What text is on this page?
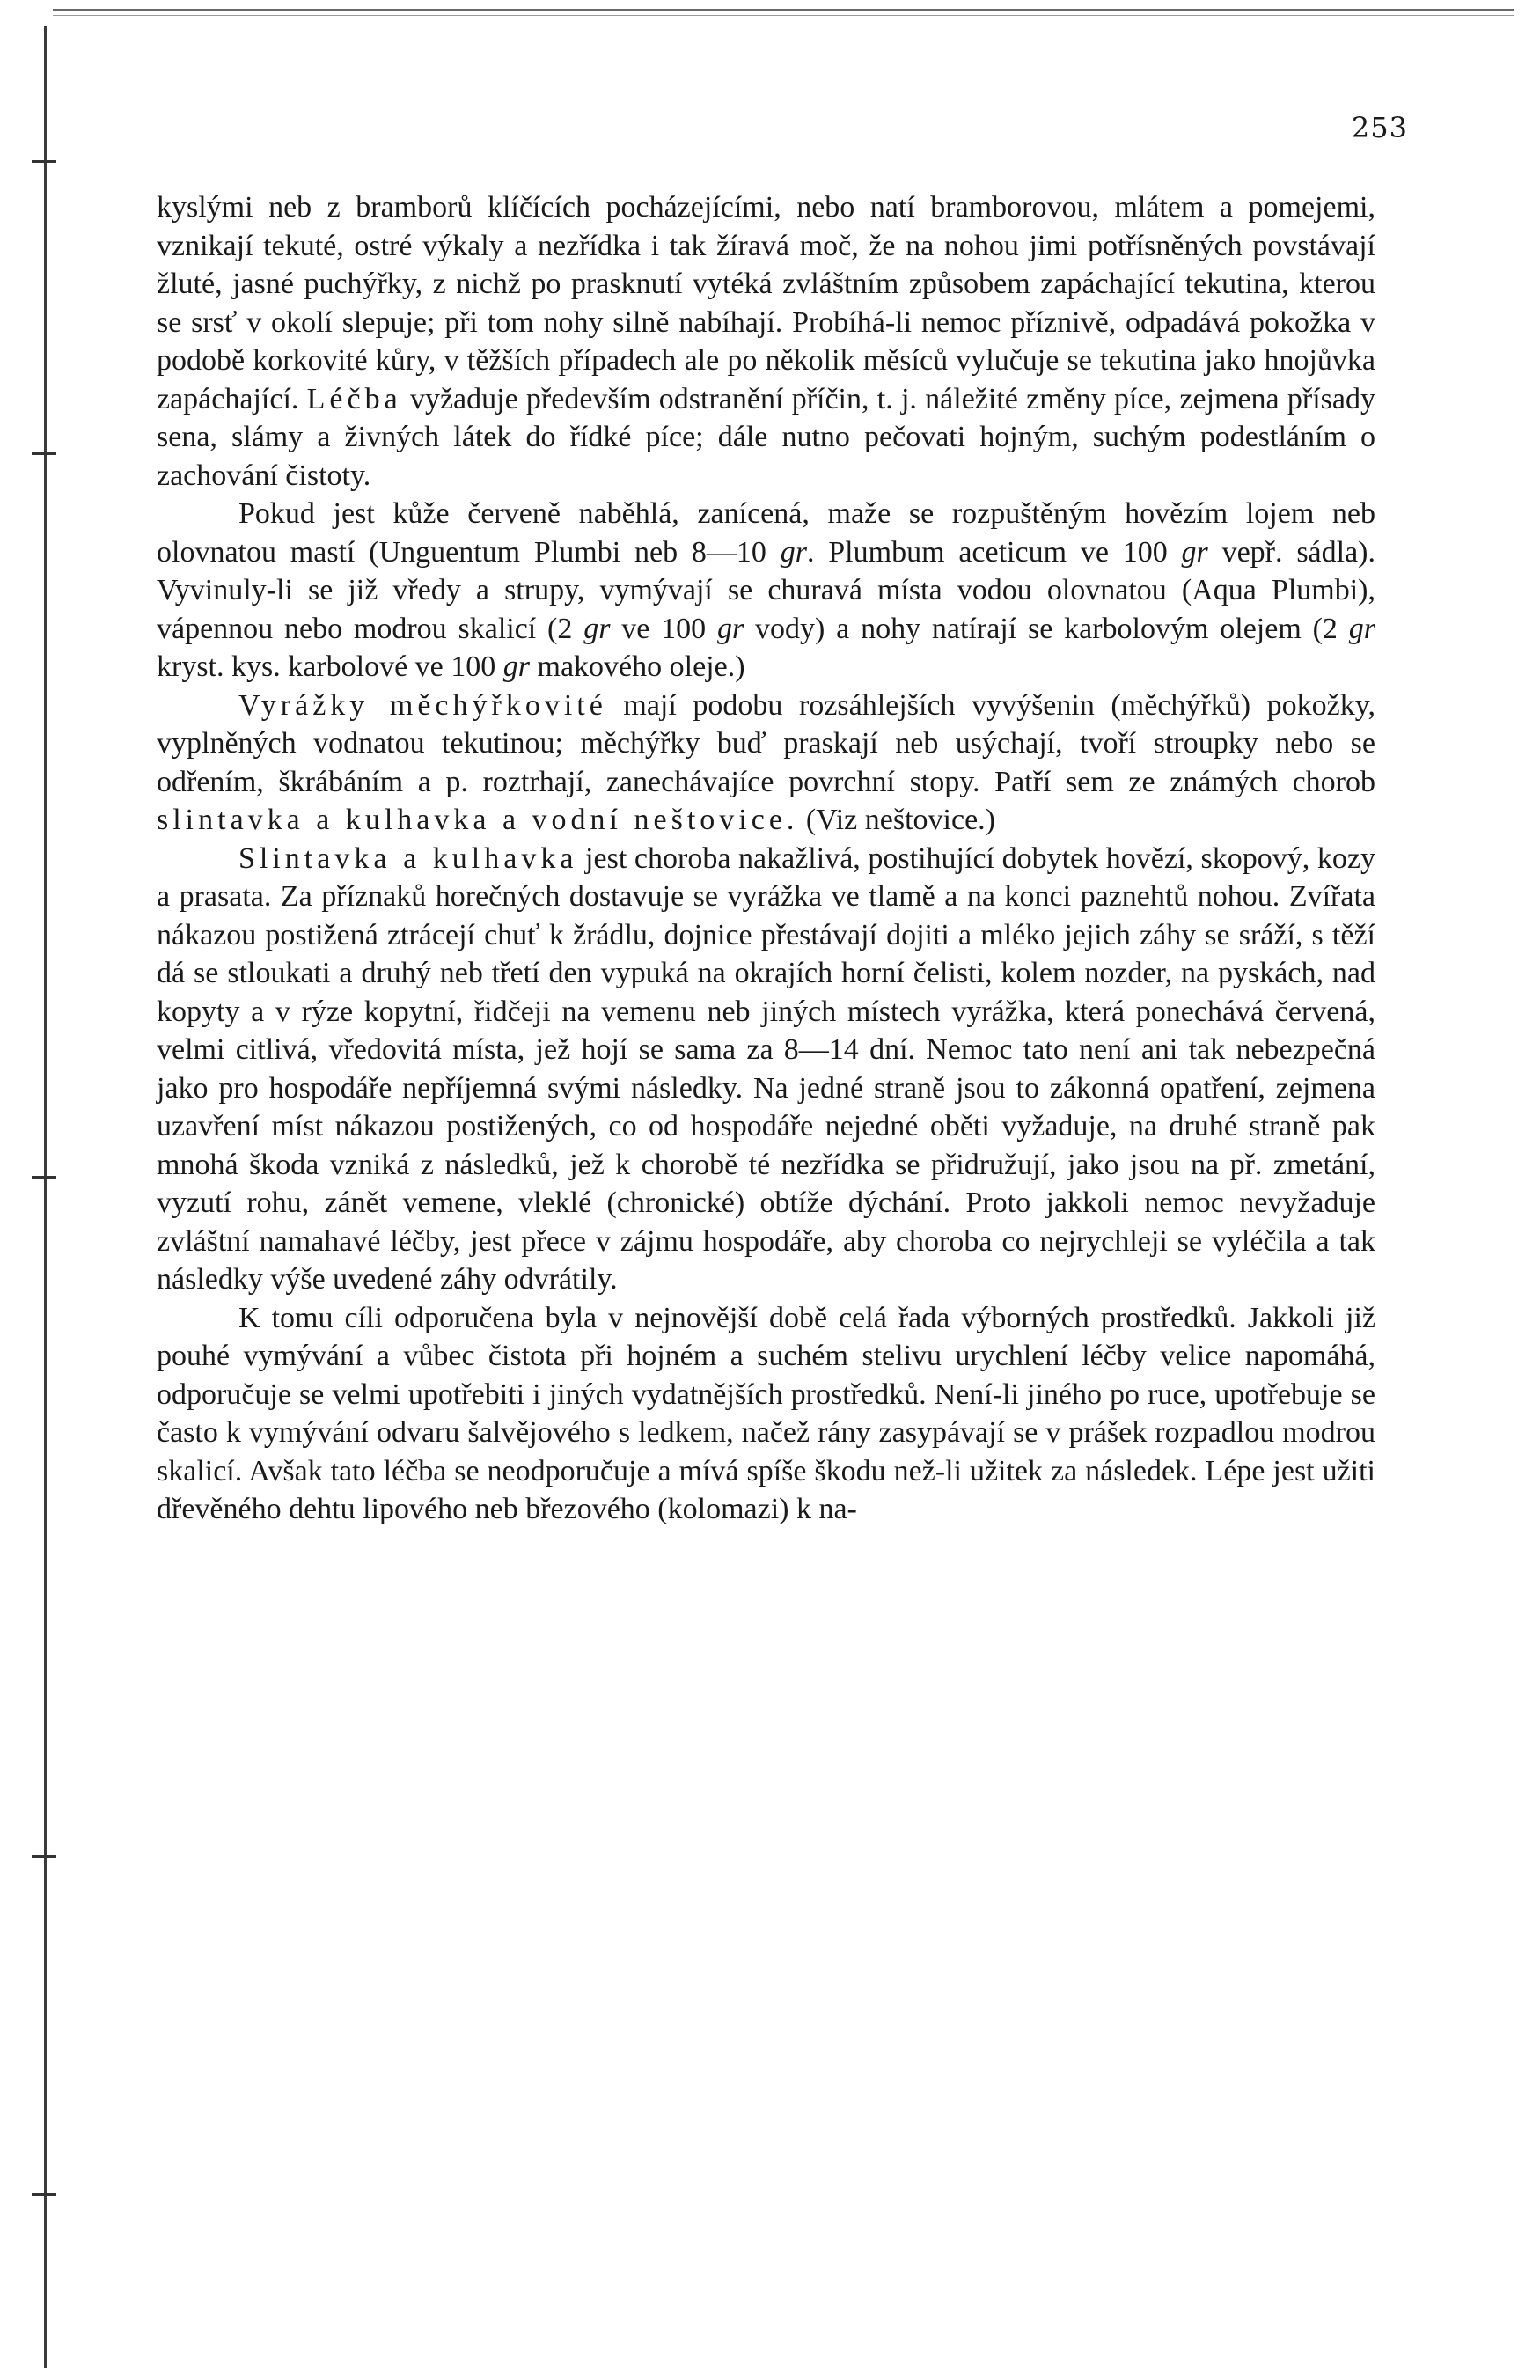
253

kyslými neb z bramborů klíčících pocházejícími, nebo natí bramborovou, mlátem a pomejemi, vznikají tekuté, ostré výkaly a nezřídka i tak žíravá moč, že na nohou jimi potřísněných povstávají žluté, jasné puchýřky, z nichž po prasknutí vytéká zvláštním způsobem zapáchající tekutina, kterou se srsť v okolí slepuje; při tom nohy silně nabíhají. Probíhá-li nemoc příznivě, odpadává pokožka v podobě korkovité kůry, v těžších případech ale po několik měsíců vylučuje se tekutina jako hnojůvka zapáchající. Léčba vyžaduje především odstranění příčin, t. j. náležité změny píce, zejmena přísady sena, slámy a živných látek do řídké píce; dále nutno pečovati hojným, suchým podestláním o zachování čistoty.

Pokud jest kůže červeně naběhlá, zanícená, maže se rozpuštěným hovězím lojem neb olovnatou mastí (Unguentum Plumbi neb 8—10 gr. Plumbum aceticum ve 100 gr vepř. sádla). Vyvinuly-li se již vředy a strupy, vymývají se churavá místa vodou olovnatou (Aqua Plumbi), vápennou nebo modrou skalicí (2 gr ve 100 gr vody) a nohy natírají se karbolovým olejem (2 gr kryst. kys. karbolové ve 100 gr makového oleje.)

Vyrážky měchýřkovité mají podobu rozsáhlejších vyvýšenin (měchýřků) pokožky, vyplněných vodnatou tekutinou; měchýřky buď praskají neb usýchají, tvoří stroupky nebo se odřením, škrábáním a p. roztrhají, zanechávajíce povrchní stopy. Patří sem ze známých chorob slintavka a kulhavka a vodní neštovice. (Viz neštovice.)

Slintavka a kulhavka jest choroba nakažlivá, postihující dobytek hovězí, skopový, kozy a prasata. Za příznaků horečných dostavuje se vyrážka ve tlamě a na konci paznehtů nohou. Zvířata nákazou postižená ztrácejí chuť k žrádlu, dojnice přestávají dojiti a mléko jejich záhy se sráží, s těží dá se stloukati a druhý neb třetí den vypuká na okrajích horní čelisti, kolem nozder, na pyskách, nad kopyty a v rýze kopytní, řidčeji na vemenu neb jiných místech vyrážka, která ponechává červená, velmi citlivá, vředovitá místa, jež hojí se sama za 8—14 dní. Nemoc tato není ani tak nebezpečná jako pro hospodáře nepříjemná svými následky. Na jedné straně jsou to zákonná opatření, zejmena uzavření míst nákazou postižených, co od hospodáře nejedné oběti vyžaduje, na druhé straně pak mnohá škoda vzniká z následků, jež k chorobě té nezřídka se přidružují, jako jsou na př. zmetání, vyzutí rohu, zánět vemene, vleklé (chronické) obtíže dýchání. Proto jakkoli nemoc nevyžaduje zvláštní namahavé léčby, jest přece v zájmu hospodáře, aby choroba co nejrychleji se vyléčila a tak následky výše uvedené záhy odvrátily.

K tomu cíli odporučena byla v nejnovější době celá řada výborných prostředků. Jakkoli již pouhé vymývání a vůbec čistota při hojném a suchém stelivu urychlení léčby velice napomáhá, odporučuje se velmi upotřebiti i jiných vydatnějších prostředků. Není-li jiného po ruce, upotřebuje se často k vymývání odvaru šalvějového s ledkem, načež rány zasypávají se v prášek rozpadlou modrou skalicí. Avšak tato léčba se neodporučuje a mívá spíše škodu než-li užitek za následek. Lépe jest užiti dřevěného dehtu lipového neb březového (kolomazi) k na-
